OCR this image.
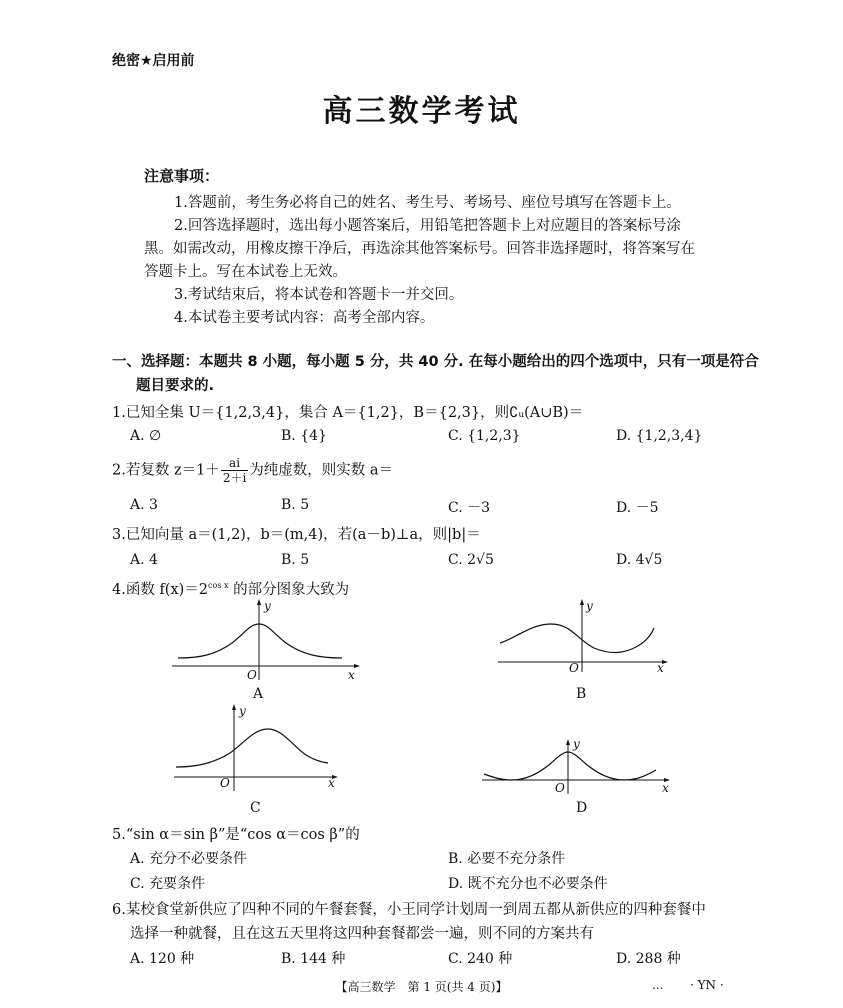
绝密★启用前
高三数学考试
注意事项：
1.答题前，考生务必将自己的姓名、考生号、考场号、座位号填写在答题卡上。
2.回答选择题时，选出每小题答案后，用铅笔把答题卡上对应题目的答案标号涂
黑。如需改动，用橡皮擦干净后，再选涂其他答案标号。回答非选择题时，将答案写在
答题卡上。写在本试卷上无效。
3.考试结束后，将本试卷和答题卡一并交回。
4.本试卷主要考试内容：高考全部内容。
一、选择题：本题共 8 小题，每小题 5 分，共 40 分. 在每小题给出的四个选项中，只有一项是符合
题目要求的.
1.已知全集 U＝{1,2,3,4}，集合 A＝{1,2}，B＝{2,3}，则∁ᵤ(A∪B)＝
A. ∅	B. {4}	C. {1,2,3}	D. {1,2,3,4}
2.若复数 $z=1+ \frac{ai}{2+i}$ 为纯虚数，则实数 a＝
A. 3	B. 5	C. －3	D. －5
3.已知向量 a＝(1,2)，b＝(m,4)，若(a－b)⊥a，则|b|＝
A. 4	B. 5	C. 2√5	D. 4√5
4.函数 $f(x)=2^{cos x}$ 的部分图象大致为
O	x
y
A
O	x
y
B
O	x
y
C
O	x
y
D
5.“sin α＝sin β”是“cos α＝cos β”的
A. 充分不必要条件	B. 必要不充分条件
C. 充要条件	D. 既不充分也不必要条件
6.某校食堂新供应了四种不同的午餐套餐，小王同学计划周一到周五都从新供应的四种套餐中
选择一种就餐，且在这五天里将这四种套餐都尝一遍，则不同的方案共有
A. 120 种	B. 144 种	C. 240 种	D. 288 种
【高三数学　第 1 页(共 4 页)】	... · YN ·
